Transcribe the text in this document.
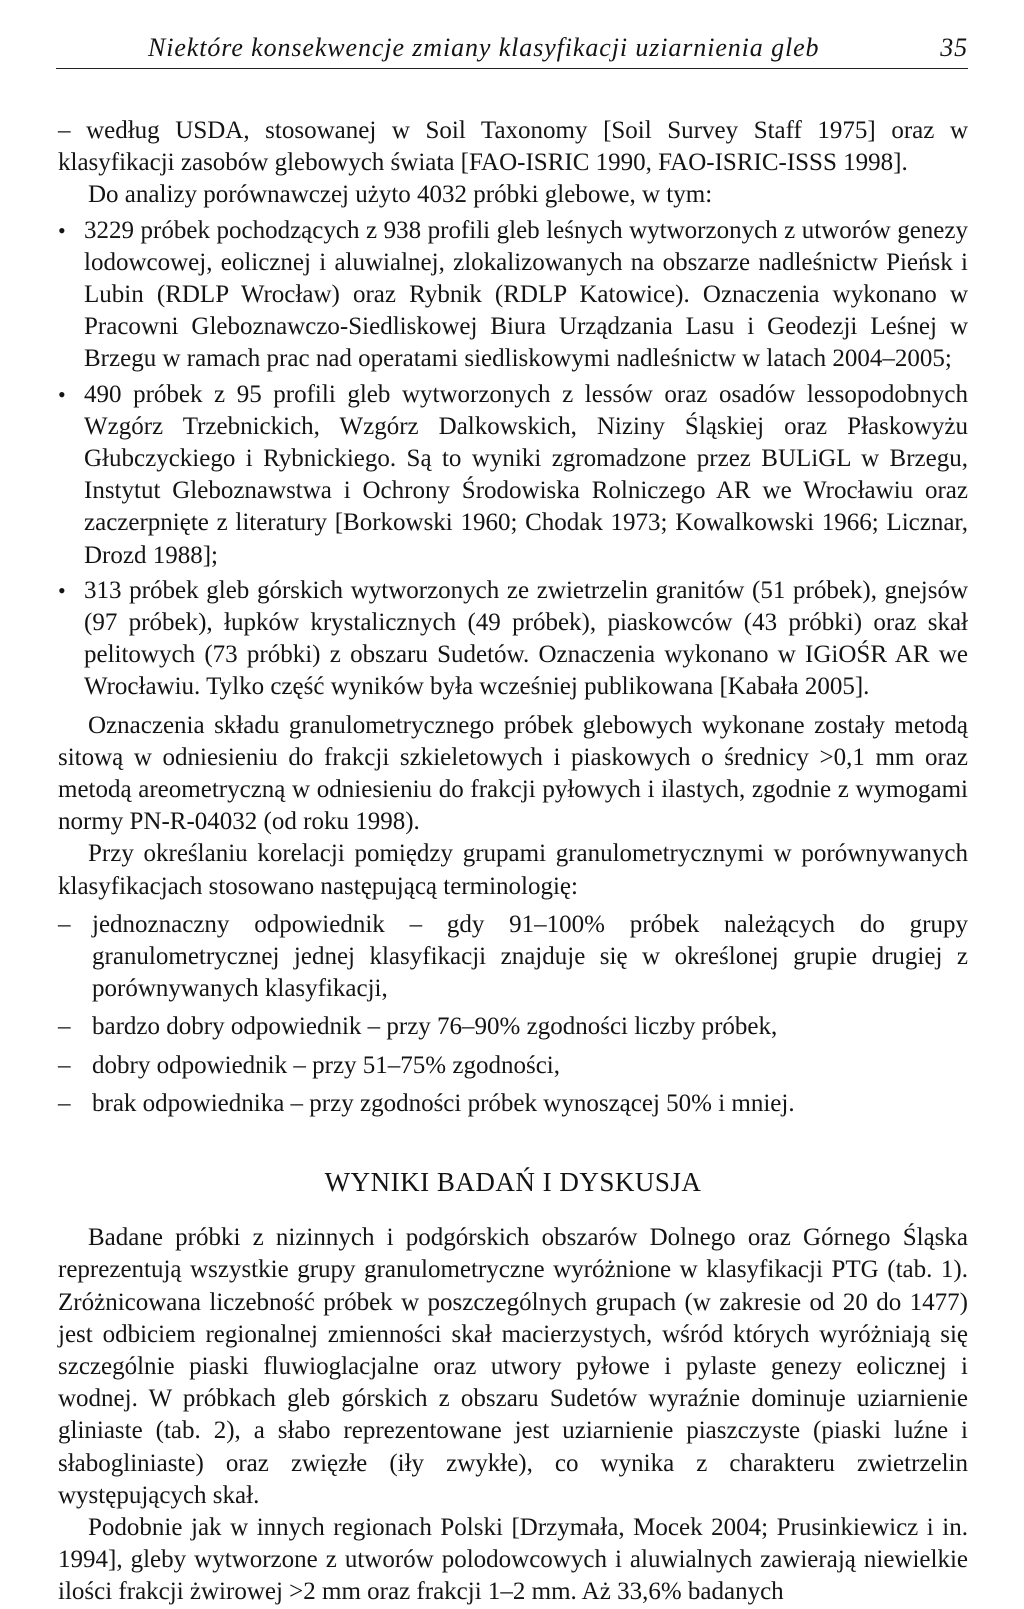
Niektóre konsekwencje zmiany klasyfikacji uziarnienia gleb	35

– według USDA, stosowanej w Soil Taxonomy [Soil Survey Staff 1975] oraz w klasyfikacji zasobów glebowych świata [FAO-ISRIC 1990, FAO-ISRIC-ISSS 1998].

Do analizy porównawczej użyto 4032 próbki glebowe, w tym:

• 3229 próbek pochodzących z 938 profili gleb leśnych wytworzonych z utworów genezy lodowcowej, eolicznej i aluwialnej, zlokalizowanych na obszarze nadleśnictw Pieńsk i Lubin (RDLP Wrocław) oraz Rybnik (RDLP Katowice). Oznaczenia wykonano w Pracowni Gleboznawczo-Siedliskowej Biura Urządzania Lasu i Geodezji Leśnej w Brzegu w ramach prac nad operatami siedliskowymi nadleśnictw w latach 2004–2005;
• 490 próbek z 95 profili gleb wytworzonych z lessów oraz osadów lessopodobnych Wzgórz Trzebnickich, Wzgórz Dalkowskich, Niziny Śląskiej oraz Płaskowyżu Głubczyckiego i Rybnickiego. Są to wyniki zgromadzone przez BULiGL w Brzegu, Instytut Gleboznawstwa i Ochrony Środowiska Rolniczego AR we Wrocławiu oraz zaczerpnięte z literatury [Borkowski 1960; Chodak 1973; Kowalkowski 1966; Licznar, Drozd 1988];
• 313 próbek gleb górskich wytworzonych ze zwietrzelin granitów (51 próbek), gnejsów (97 próbek), łupków krystalicznych (49 próbek), piaskowców (43 próbki) oraz skał pelitowych (73 próbki) z obszaru Sudetów. Oznaczenia wykonano w IGiOŚR AR we Wrocławiu. Tylko część wyników była wcześniej publikowana [Kabała 2005].

Oznaczenia składu granulometrycznego próbek glebowych wykonane zostały metodą sitową w odniesieniu do frakcji szkieletowych i piaskowych o średnicy >0,1 mm oraz metodą areometryczną w odniesieniu do frakcji pyłowych i ilastych, zgodnie z wymogami normy PN-R-04032 (od roku 1998).

Przy określaniu korelacji pomiędzy grupami granulometrycznymi w porównywanych klasyfikacjach stosowano następującą terminologię:

– jednoznaczny odpowiednik – gdy 91–100% próbek należących do grupy granulometrycznej jednej klasyfikacji znajduje się w określonej grupie drugiej z porównywanych klasyfikacji,
– bardzo dobry odpowiednik – przy 76–90% zgodności liczby próbek,
– dobry odpowiednik – przy 51–75% zgodności,
– brak odpowiednika – przy zgodności próbek wynoszącej 50% i mniej.
WYNIKI BADAŃ I DYSKUSJA

Badane próbki z nizinnych i podgórskich obszarów Dolnego oraz Górnego Śląska reprezentują wszystkie grupy granulometryczne wyróżnione w klasyfikacji PTG (tab. 1). Zróżnicowana liczebność próbek w poszczególnych grupach (w zakresie od 20 do 1477) jest odbiciem regionalnej zmienności skał macierzystych, wśród których wyróżniają się szczególnie piaski fluwioglacjalne oraz utwory pyłowe i pylaste genezy eolicznej i wodnej. W próbkach gleb górskich z obszaru Sudetów wyraźnie dominuje uziarnienie gliniaste (tab. 2), a słabo reprezentowane jest uziarnienie piaszczyste (piaski luźne i słabogliniaste) oraz zwięzłe (iły zwykłe), co wynika z charakteru zwietrzelin występujących skał.

Podobnie jak w innych regionach Polski [Drzymała, Mocek 2004; Prusinkiewicz i in. 1994], gleby wytworzone z utworów polodowcowych i aluwialnych zawierają niewielkie ilości frakcji żwirowej >2 mm oraz frakcji 1–2 mm. Aż 33,6% badanych
